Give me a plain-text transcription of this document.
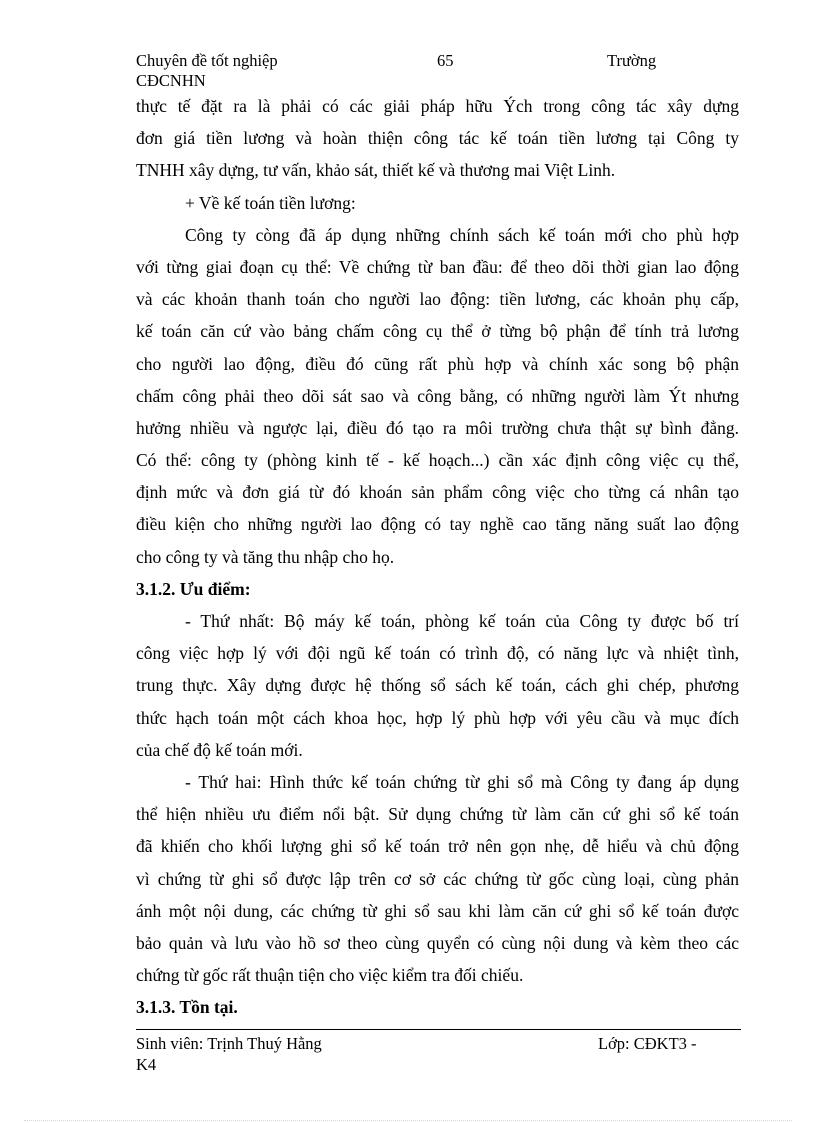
Chuyên đề tốt nghiệp	65	Trường
CĐCNHN
thực tế đặt ra là phải có các giải pháp hữu Ých trong công tác xây dựng
đơn giá tiền lương và hoàn thiện công tác kế toán tiền lương tại Công ty
TNHH xây dựng, tư vấn, khảo sát, thiết kế và thương mai Việt Linh.
+ Về kế toán tiền lương:
Công ty còng đã áp dụng những chính sách kế toán mới cho phù hợp
với từng giai đoạn cụ thể: Về chứng từ ban đầu: để theo dõi thời gian lao động
và các khoản thanh toán cho người lao động: tiền lương, các khoản phụ cấp,
kế toán căn cứ vào bảng chấm công cụ thể ở từng bộ phận để tính trả lương
cho người lao động, điều đó cũng rất phù hợp và chính xác song bộ phận
chấm công phải theo dõi sát sao và công bằng, có những người làm Ýt nhưng
hưởng nhiều và ngược lại, điều đó tạo ra môi trường chưa thật sự bình đẳng.
Có thể: công ty (phòng kinh tế - kế hoạch...) cần xác định công việc cụ thể,
định mức và đơn giá từ đó khoán sản phẩm công việc cho từng cá nhân tạo
điều kiện cho những người lao động có tay nghề cao tăng năng suất lao động
cho công ty và tăng thu nhập cho họ.
3.1.2. Ưu điểm:
- Thứ nhất: Bộ máy kế toán, phòng kế toán của Công ty được bố trí
công việc hợp lý với đội ngũ kế toán có trình độ, có năng lực và nhiệt tình,
trung thực. Xây dựng được hệ thống sổ sách kế toán, cách ghi chép, phương
thức hạch toán một cách khoa học, hợp lý phù hợp với yêu cầu và mục đích
của chế độ kế toán mới.
- Thứ hai: Hình thức kế toán chứng từ ghi sổ mà Công ty đang áp dụng
thể hiện nhiều ưu điểm nổi bật. Sử dụng chứng từ làm căn cứ ghi sổ kế toán
đã khiến cho khối lượng ghi sổ kế toán trở nên gọn nhẹ, dễ hiểu và chủ động
vì chứng từ ghi sổ được lập trên cơ sở các chứng từ gốc cùng loại, cùng phản
ánh một nội dung, các chứng từ ghi sổ sau khi làm căn cứ ghi sổ kế toán được
bảo quản và lưu vào hồ sơ theo cùng quyển có cùng nội dung và kèm theo các
chứng từ gốc rất thuận tiện cho việc kiểm tra đối chiếu.
3.1.3. Tồn tại.
Sinh viên: Trịnh Thuý Hằng	Lớp: CĐKT3 -
K4
